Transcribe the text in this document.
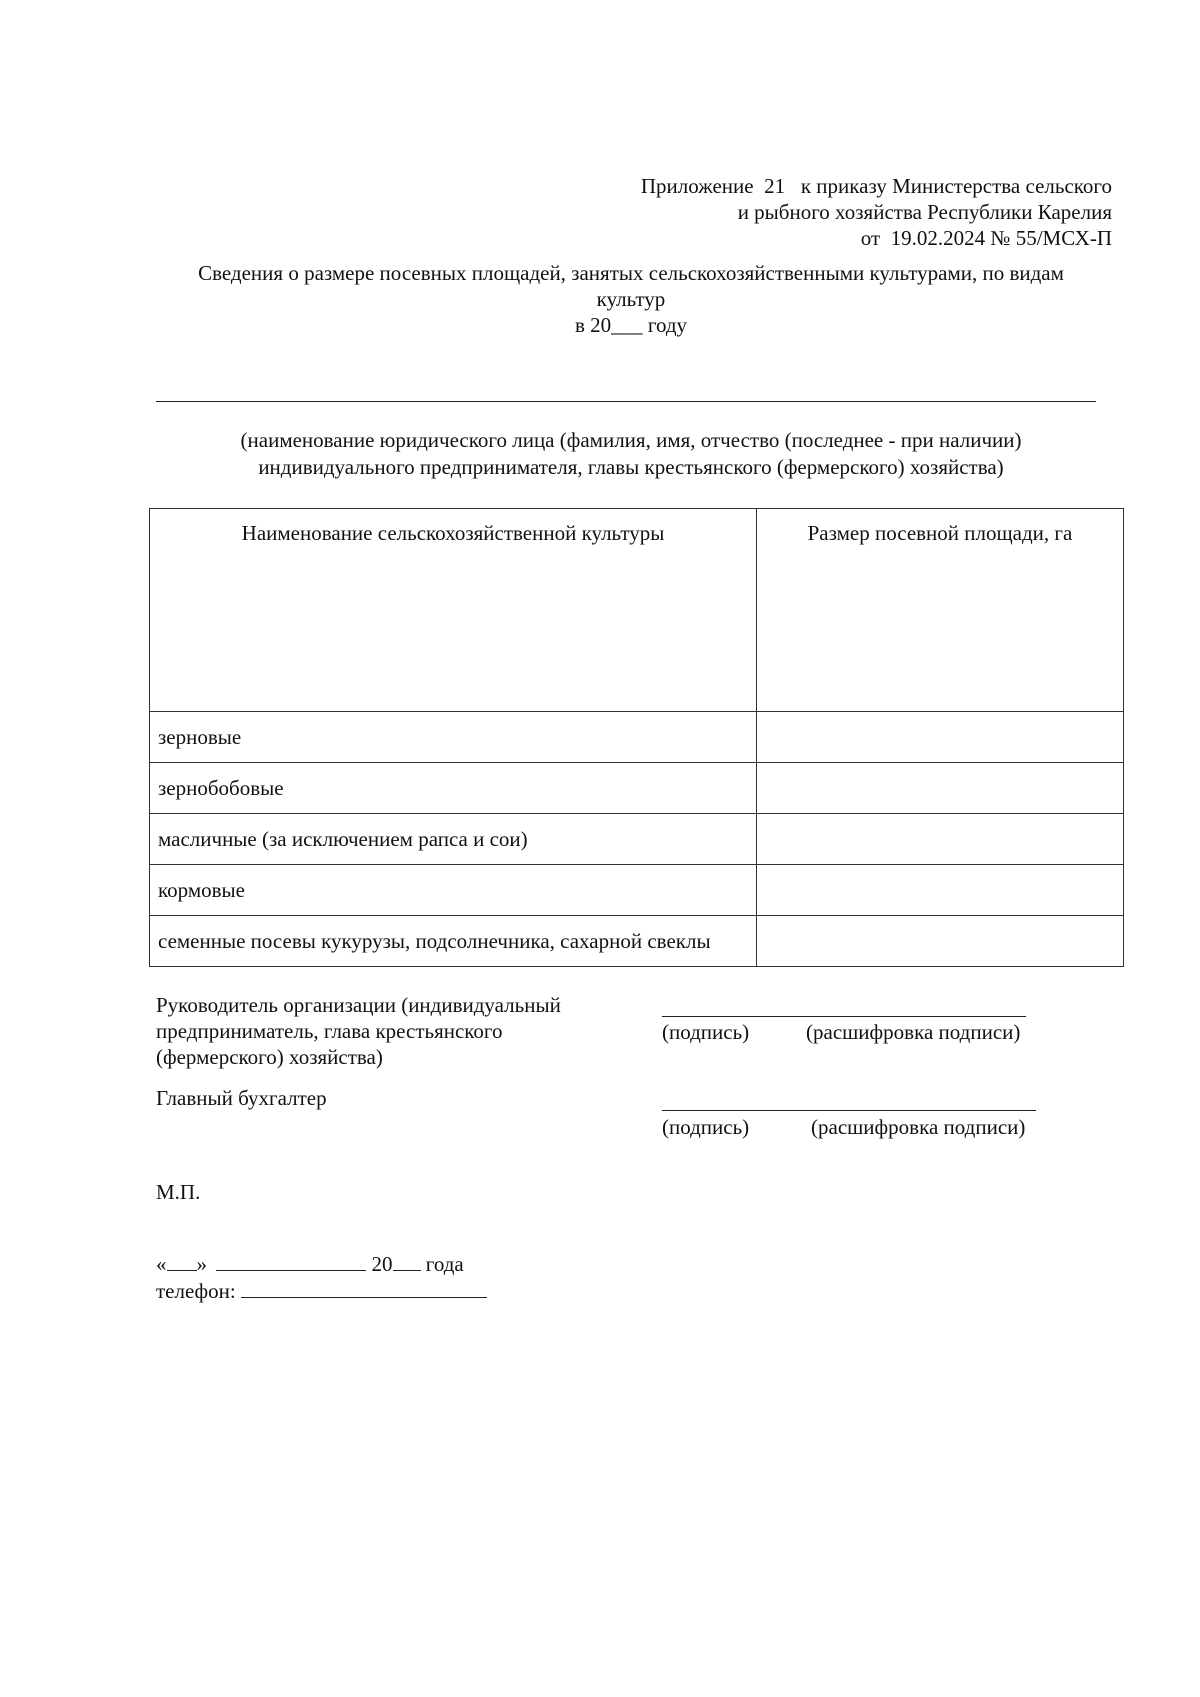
Приложение  21   к приказу Министерства сельского
и рыбного хозяйства Республики Карелия
от  19.02.2024 № 55/МСХ-П
Сведения о размере посевных площадей, занятых сельскохозяйственными культурами, по видам
культур
в 20___ году
(наименование юридического лица (фамилия, имя, отчество (последнее - при наличии)
индивидуального предпринимателя, главы крестьянского (фермерского) хозяйства)
Наименование сельскохозяйственной культуры	Размер посевной площади, га
зерновые	
зернобобовые	
масличные (за исключением рапса и сои)	
кормовые	
семенные посевы кукурузы, подсолнечника, сахарной свеклы	
Руководитель организации (индивидуальный
предприниматель, глава крестьянского
(фермерского) хозяйства)
(подпись)	(расшифровка подписи)
Главный бухгалтер
(подпись)	(расшифровка подписи)
М.П.
« »	20 года
телефон:
